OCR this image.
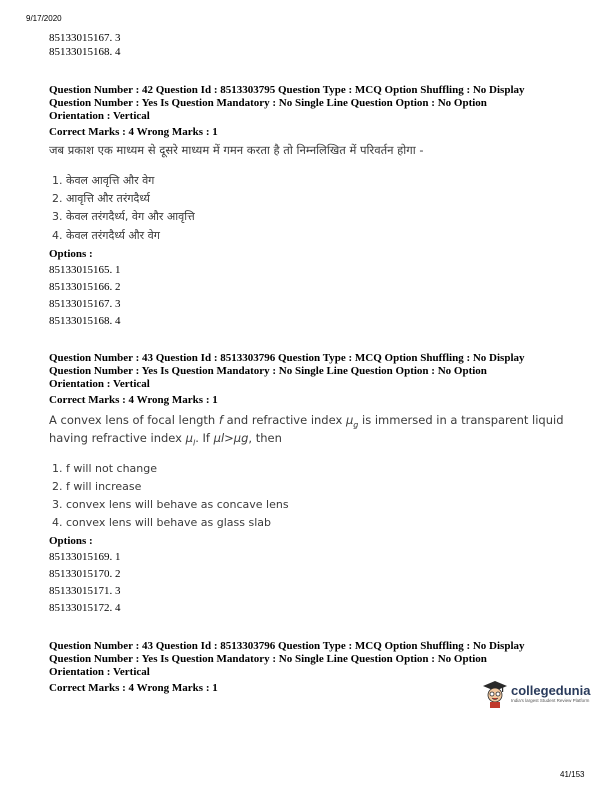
9/17/2020
85133015167. 3
85133015168. 4
Question Number : 42 Question Id : 8513303795 Question Type : MCQ Option Shuffling : No Display
Question Number : Yes Is Question Mandatory : No Single Line Question Option : No Option
Orientation : Vertical
Correct Marks : 4 Wrong Marks : 1
जब प्रकाश एक माध्यम से दूसरे माध्यम में गमन करता है तो निम्नलिखित में परिवर्तन होगा -
1. केवल आवृत्ति और वेग
2. आवृत्ति और तरंगदैर्ध्य
3. केवल तरंगदैर्ध्य, वेग और आवृत्ति
4. केवल तरंगदैर्ध्य और वेग
Options :
85133015165. 1
85133015166. 2
85133015167. 3
85133015168. 4
Question Number : 43 Question Id : 8513303796 Question Type : MCQ Option Shuffling : No Display
Question Number : Yes Is Question Mandatory : No Single Line Question Option : No Option
Orientation : Vertical
Correct Marks : 4 Wrong Marks : 1
A convex lens of focal length f and refractive index $\mu_g$ is immersed in a transparent liquid
having refractive index $\mu_l$. If μl>μg, then
1. f will not change
2. f will increase
3. convex lens will behave as concave lens
4. convex lens will behave as glass slab
Options :
85133015169. 1
85133015170. 2
85133015171. 3
85133015172. 4
Question Number : 43 Question Id : 8513303796 Question Type : MCQ Option Shuffling : No Display
Question Number : Yes Is Question Mandatory : No Single Line Question Option : No Option
Orientation : Vertical
Correct Marks : 4 Wrong Marks : 1	collegedunia
India's largest Student Review Platform
41/153
